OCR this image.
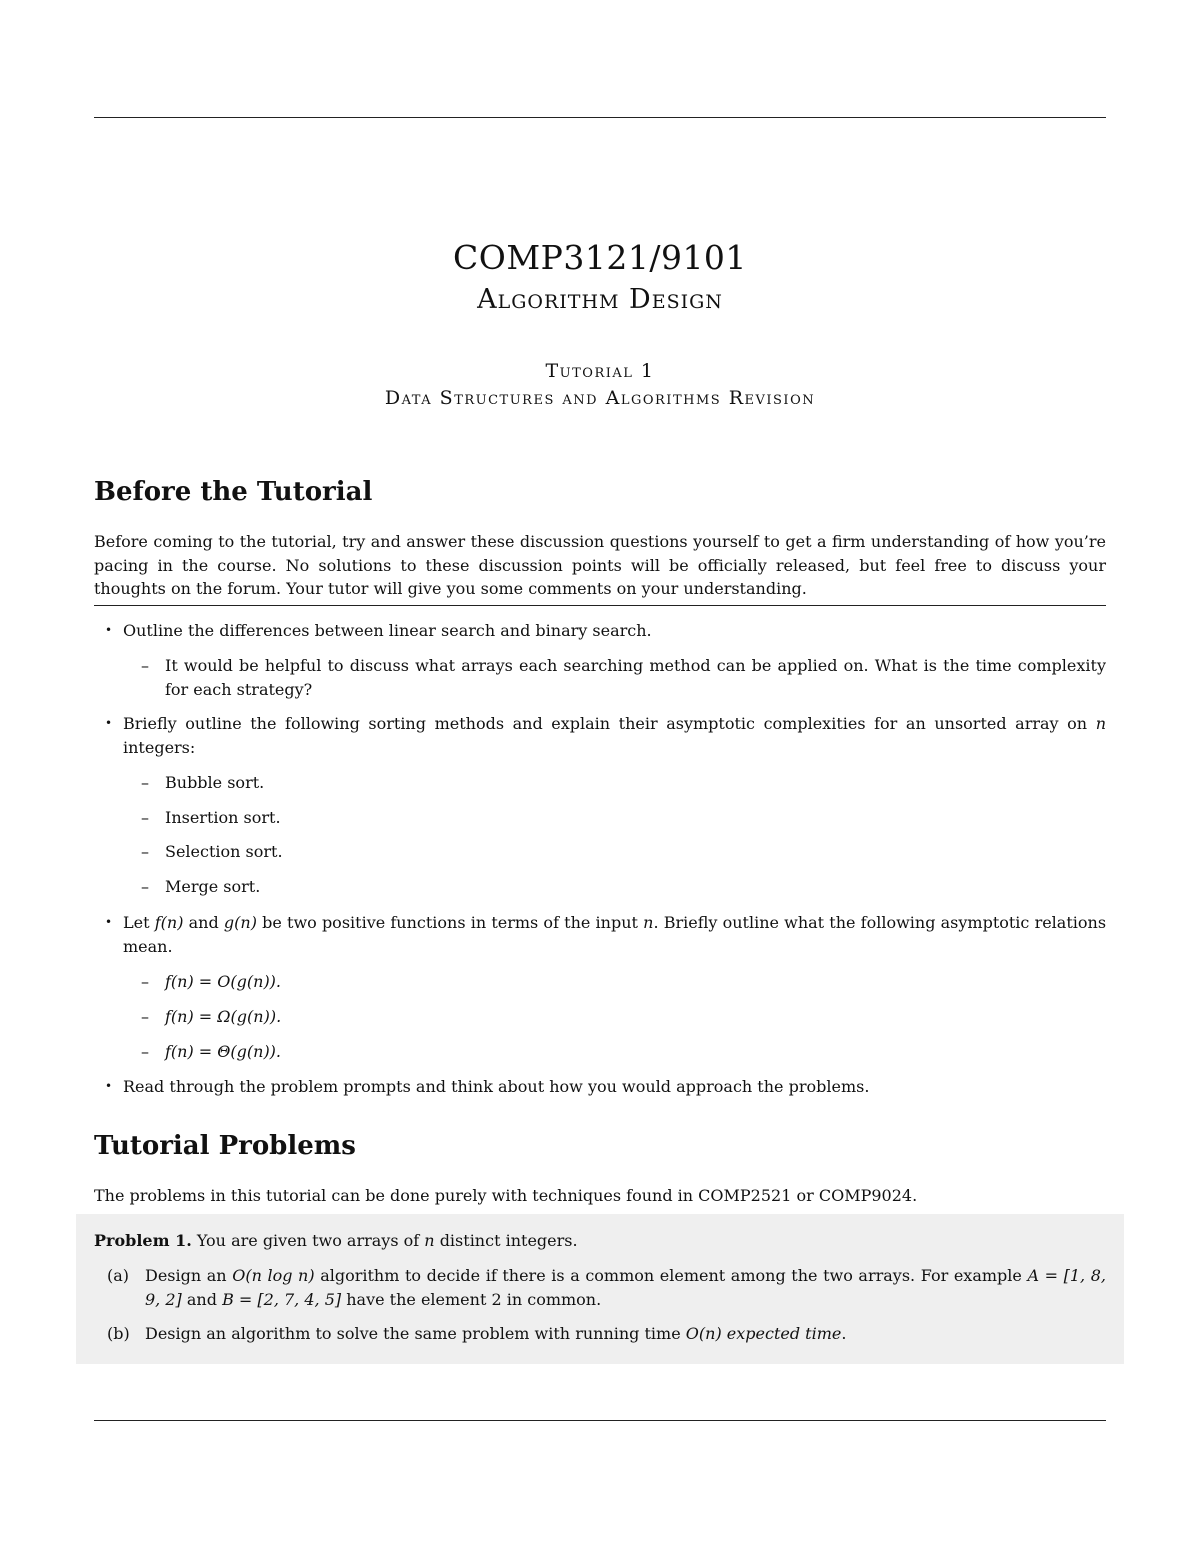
COMP3121/9101
Algorithm Design
Tutorial 1
Data Structures and Algorithms Revision
Before the Tutorial

Before coming to the tutorial, try and answer these discussion questions yourself to get a firm understanding of how you’re pacing in the course. No solutions to these discussion points will be officially released, but feel free to discuss your thoughts on the forum. Your tutor will give you some comments on your understanding.

• Outline the differences between linear search and binary search.
– It would be helpful to discuss what arrays each searching method can be applied on. What is the time complexity for each strategy?
• Briefly outline the following sorting methods and explain their asymptotic complexities for an unsorted array on n integers:
– Bubble sort.
– Insertion sort.
– Selection sort.
– Merge sort.
• Let f(n) and g(n) be two positive functions in terms of the input n. Briefly outline what the following asymptotic relations mean.
– f(n) = O(g(n)).
– f(n) = Ω(g(n)).
– f(n) = Θ(g(n)).
• Read through the problem prompts and think about how you would approach the problems.
Tutorial Problems

The problems in this tutorial can be done purely with techniques found in COMP2521 or COMP9024.

Problem 1. You are given two arrays of n distinct integers.
(a) Design an O(n log n) algorithm to decide if there is a common element among the two arrays. For example A = [1, 8, 9, 2] and B = [2, 7, 4, 5] have the element 2 in common.
(b) Design an algorithm to solve the same problem with running time O(n) expected time.
